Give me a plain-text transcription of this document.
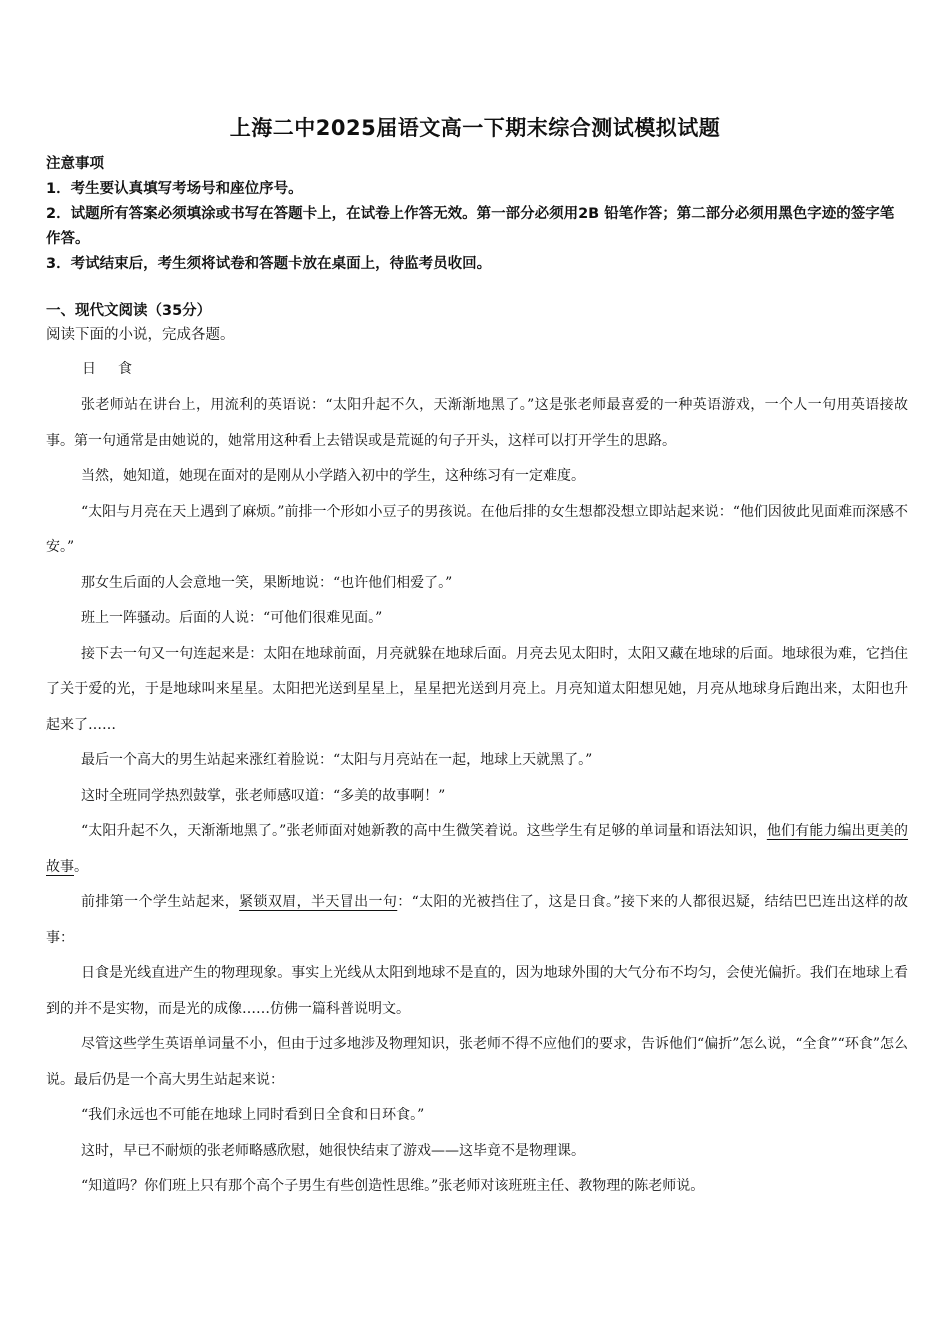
上海二中2025届语文高一下期末综合测试模拟试题
注意事项
1．考生要认真填写考场号和座位序号。
2．试题所有答案必须填涂或书写在答题卡上，在试卷上作答无效。第一部分必须用2B 铅笔作答；第二部分必须用黑色字迹的签字笔作答。
3．考试结束后，考生须将试卷和答题卡放在桌面上，待监考员收回。
一、现代文阅读（35分）
阅读下面的小说，完成各题。
日食

张老师站在讲台上，用流利的英语说：“太阳升起不久，天渐渐地黑了。”这是张老师最喜爱的一种英语游戏，一个人一句用英语接故事。第一句通常是由她说的，她常用这种看上去错误或是荒诞的句子开头，这样可以打开学生的思路。

当然，她知道，她现在面对的是刚从小学踏入初中的学生，这种练习有一定难度。

“太阳与月亮在天上遇到了麻烦。”前排一个形如小豆子的男孩说。在他后排的女生想都没想立即站起来说：“他们因彼此见面难而深感不安。”

那女生后面的人会意地一笑，果断地说：“也许他们相爱了。”

班上一阵骚动。后面的人说：“可他们很难见面。”

接下去一句又一句连起来是：太阳在地球前面，月亮就躲在地球后面。月亮去见太阳时，太阳又藏在地球的后面。地球很为难，它挡住了关于爱的光，于是地球叫来星星。太阳把光送到星星上，星星把光送到月亮上。月亮知道太阳想见她，月亮从地球身后跑出来，太阳也升起来了……

最后一个高大的男生站起来涨红着脸说：“太阳与月亮站在一起，地球上天就黑了。”

这时全班同学热烈鼓掌，张老师感叹道：“多美的故事啊！”

“太阳升起不久，天渐渐地黑了。”张老师面对她新教的高中生微笑着说。这些学生有足够的单词量和语法知识，他们有能力编出更美的故事。

前排第一个学生站起来，紧锁双眉，半天冒出一句：“太阳的光被挡住了，这是日食。”接下来的人都很迟疑，结结巴巴连出这样的故事：

日食是光线直进产生的物理现象。事实上光线从太阳到地球不是直的，因为地球外围的大气分布不均匀，会使光偏折。我们在地球上看到的并不是实物，而是光的成像……仿佛一篇科普说明文。

尽管这些学生英语单词量不小，但由于过多地涉及物理知识，张老师不得不应他们的要求，告诉他们“偏折”怎么说，“全食”“环食”怎么说。最后仍是一个高大男生站起来说：

“我们永远也不可能在地球上同时看到日全食和日环食。”

这时，早已不耐烦的张老师略感欣慰，她很快结束了游戏——这毕竟不是物理课。

“知道吗？你们班上只有那个高个子男生有些创造性思维。”张老师对该班班主任、教物理的陈老师说。
